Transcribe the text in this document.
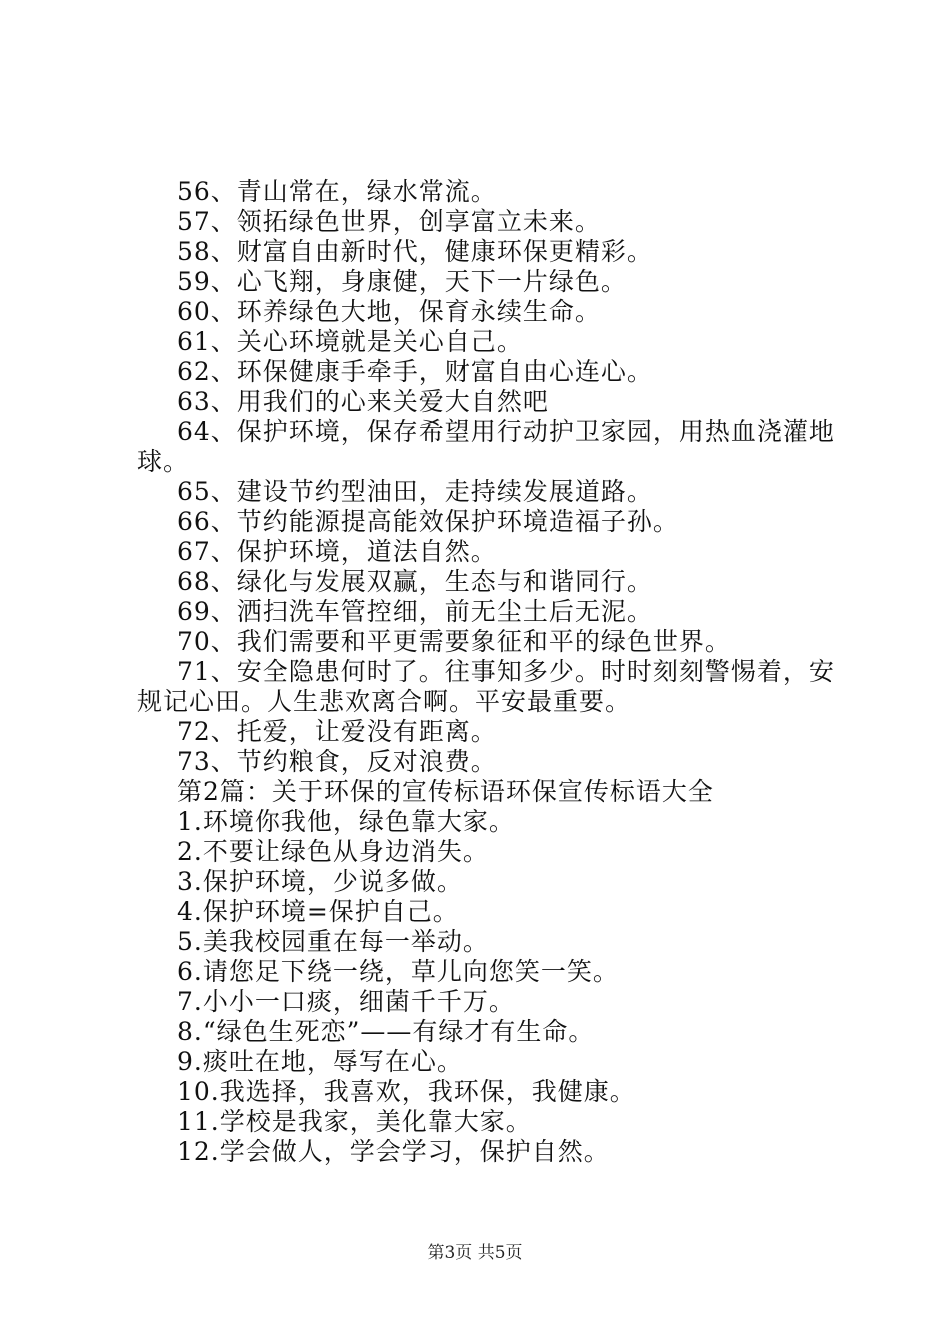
56、青山常在，绿水常流。
57、领拓绿色世界，创享富立未来。
58、财富自由新时代，健康环保更精彩。
59、心飞翔，身康健，天下一片绿色。
60、环养绿色大地，保育永续生命。
61、关心环境就是关心自己。
62、环保健康手牵手，财富自由心连心。
63、用我们的心来关爱大自然吧
64、保护环境，保存希望用行动护卫家园，用热血浇灌地球。
65、建设节约型油田，走持续发展道路。
66、节约能源提高能效保护环境造福子孙。
67、保护环境，道法自然。
68、绿化与发展双赢，生态与和谐同行。
69、洒扫洗车管控细，前无尘土后无泥。
70、我们需要和平更需要象征和平的绿色世界。
71、安全隐患何时了。往事知多少。时时刻刻警惕着，安规记心田。人生悲欢离合啊。平安最重要。
72、托爱，让爱没有距离。
73、节约粮食，反对浪费。
第2篇：关于环保的宣传标语环保宣传标语大全
1.环境你我他，绿色靠大家。
2.不要让绿色从身边消失。
3.保护环境，少说多做。
4.保护环境=保护自己。
5.美我校园重在每一举动。
6.请您足下绕一绕，草儿向您笑一笑。
7.小小一口痰，细菌千千万。
8.“绿色生死恋”——有绿才有生命。
9.痰吐在地，辱写在心。
10.我选择，我喜欢，我环保，我健康。
11.学校是我家，美化靠大家。
12.学会做人，学会学习，保护自然。
第3页 共5页
